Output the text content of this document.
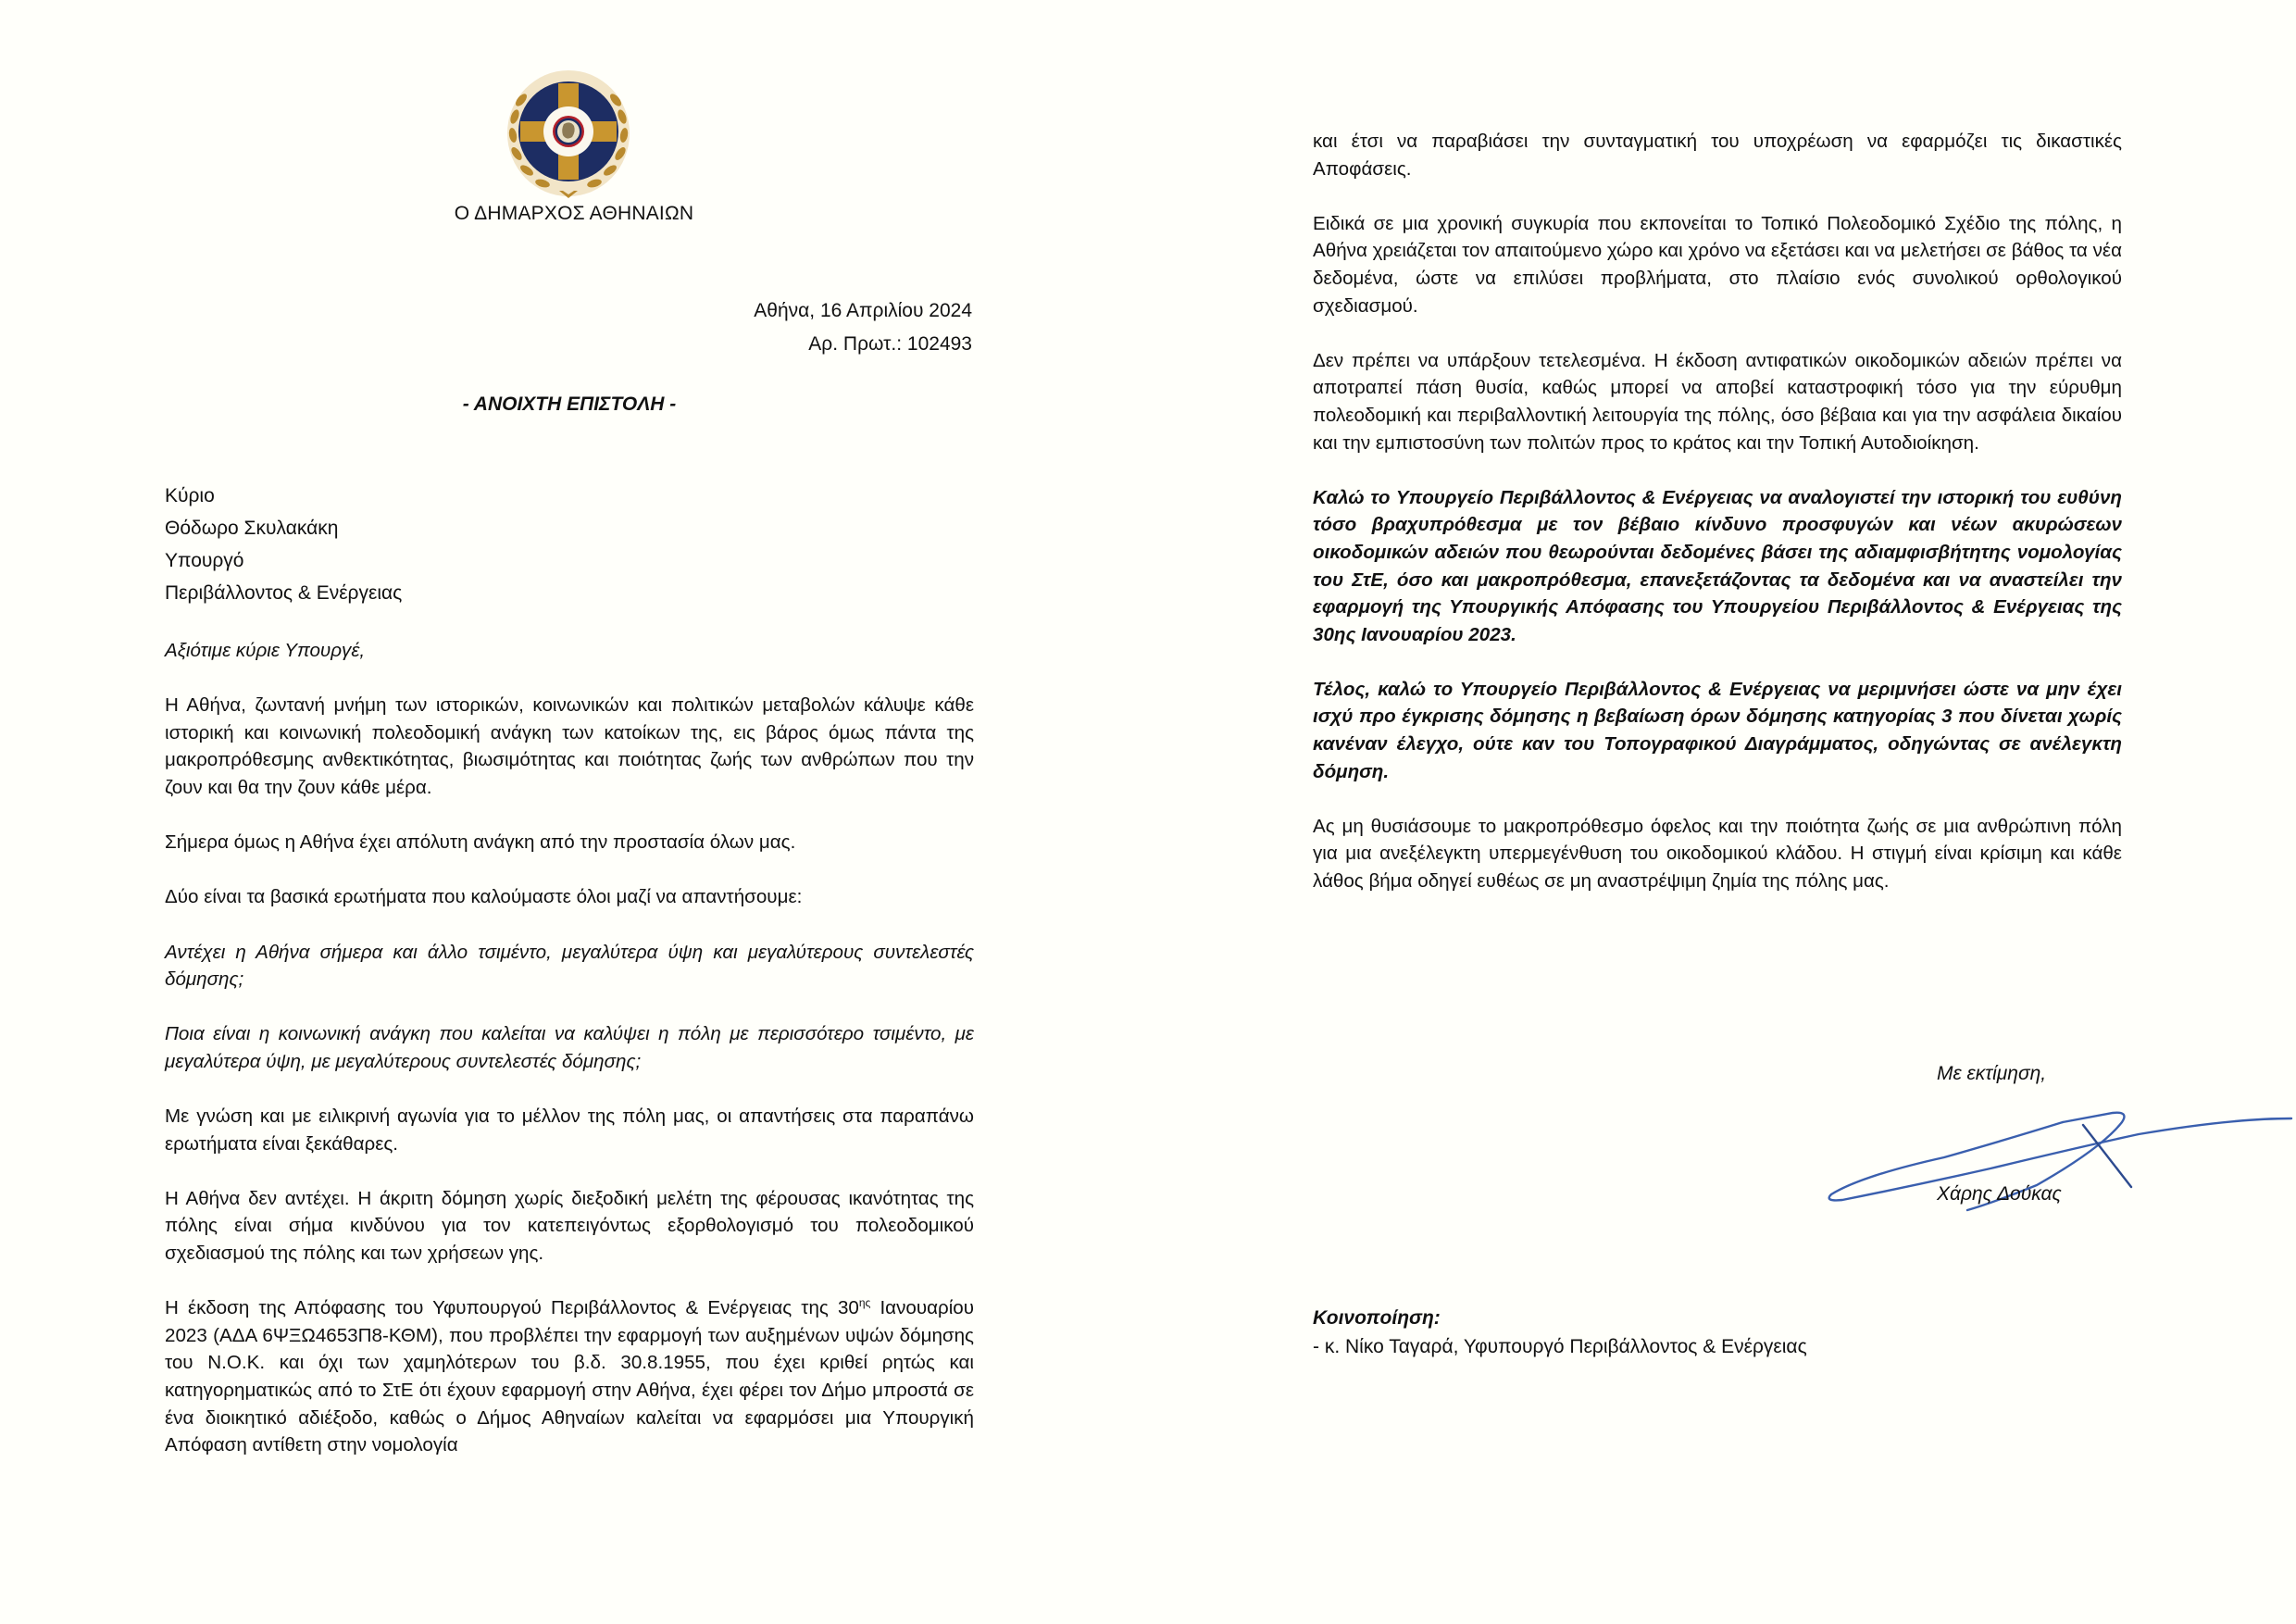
Ο ΔΗΜΑΡΧΟΣ ΑΘΗΝΑΙΩΝ
Αθήνα, 16 Απριλίου 2024
Αρ. Πρωτ.: 102493
- ΑΝΟΙΧΤΗ ΕΠΙΣΤΟΛΗ -
Κύριο
Θόδωρο Σκυλακάκη
Υπουργό
Περιβάλλοντος & Ενέργειας

Αξιότιμε κύριε Υπουργέ,

Η Αθήνα, ζωντανή μνήμη των ιστορικών, κοινωνικών και πολιτικών μεταβολών κάλυψε κάθε ιστορική και κοινωνική πολεοδομική ανάγκη των κατοίκων της, εις βάρος όμως πάντα της μακροπρόθεσμης ανθεκτικότητας, βιωσιμότητας και ποιότητας ζωής των ανθρώπων που την ζουν και θα την ζουν κάθε μέρα.

Σήμερα όμως η Αθήνα έχει απόλυτη ανάγκη από την προστασία όλων μας.

Δύο είναι τα βασικά ερωτήματα που καλούμαστε όλοι μαζί να απαντήσουμε:

Αντέχει η Αθήνα σήμερα και άλλο τσιμέντο, μεγαλύτερα ύψη και μεγαλύτερους συντελεστές δόμησης;

Ποια είναι η κοινωνική ανάγκη που καλείται να καλύψει η πόλη με περισσότερο τσιμέντο, με μεγαλύτερα ύψη, με μεγαλύτερους συντελεστές δόμησης;

Με γνώση και με ειλικρινή αγωνία για το μέλλον της πόλη μας, οι απαντήσεις στα παραπάνω ερωτήματα είναι ξεκάθαρες.

Η Αθήνα δεν αντέχει. Η άκριτη δόμηση χωρίς διεξοδική μελέτη της φέρουσας ικανότητας της πόλης είναι σήμα κινδύνου για τον κατεπειγόντως εξορθολογισμό του πολεοδομικού σχεδιασμού της πόλης και των χρήσεων γης.

Η έκδοση της Απόφασης του Υφυπουργού Περιβάλλοντος & Ενέργειας της $30^{\eta\varsigma}$ Ιανουαρίου 2023 (ΑΔΑ 6ΨΞΩ4653Π8-ΚΘΜ), που προβλέπει την εφαρμογή των αυξημένων υψών δόμησης του Ν.Ο.Κ. και όχι των χαμηλότερων του β.δ. 30.8.1955, που έχει κριθεί ρητώς και κατηγορηματικώς από το ΣτΕ ότι έχουν εφαρμογή στην Αθήνα, έχει φέρει τον Δήμο μπροστά σε ένα διοικητικό αδιέξοδο, καθώς ο Δήμος Αθηναίων καλείται να εφαρμόσει μια Υπουργική Απόφαση αντίθετη στην νομολογία

και έτσι να παραβιάσει την συνταγματική του υποχρέωση να εφαρμόζει τις δικαστικές Αποφάσεις.

Ειδικά σε μια χρονική συγκυρία που εκπονείται το Τοπικό Πολεοδομικό Σχέδιο της πόλης, η Αθήνα χρειάζεται τον απαιτούμενο χώρο και χρόνο να εξετάσει και να μελετήσει σε βάθος τα νέα δεδομένα, ώστε να επιλύσει προβλήματα, στο πλαίσιο ενός συνολικού ορθολογικού σχεδιασμού.

Δεν πρέπει να υπάρξουν τετελεσμένα. Η έκδοση αντιφατικών οικοδομικών αδειών πρέπει να αποτραπεί πάση θυσία, καθώς μπορεί να αποβεί καταστροφική τόσο για την εύρυθμη πολεοδομική και περιβαλλοντική λειτουργία της πόλης, όσο βέβαια και για την ασφάλεια δικαίου και την εμπιστοσύνη των πολιτών προς το κράτος και την Τοπική Αυτοδιοίκηση.

Καλώ το Υπουργείο Περιβάλλοντος & Ενέργειας να αναλογιστεί την ιστορική του ευθύνη τόσο βραχυπρόθεσμα με τον βέβαιο κίνδυνο προσφυγών και νέων ακυρώσεων οικοδομικών αδειών που θεωρούνται δεδομένες βάσει της αδιαμφισβήτητης νομολογίας του ΣτΕ, όσο και μακροπρόθεσμα, επανεξετάζοντας τα δεδομένα και να αναστείλει την εφαρμογή της Υπουργικής Απόφασης του Υπουργείου Περιβάλλοντος & Ενέργειας της 30ης Ιανουαρίου 2023.

Τέλος, καλώ το Υπουργείο Περιβάλλοντος & Ενέργειας να μεριμνήσει ώστε να μην έχει ισχύ προ έγκρισης δόμησης η βεβαίωση όρων δόμησης κατηγορίας 3 που δίνεται χωρίς κανέναν έλεγχο, ούτε καν του Τοπογραφικού Διαγράμματος, οδηγώντας σε ανέλεγκτη δόμηση.

Ας μη θυσιάσουμε το μακροπρόθεσμο όφελος και την ποιότητα ζωής σε μια ανθρώπινη πόλη για μια ανεξέλεγκτη υπερμεγένθυση του οικοδομικού κλάδου. Η στιγμή είναι κρίσιμη και κάθε λάθος βήμα οδηγεί ευθέως σε μη αναστρέψιμη ζημία της πόλης μας.

Με εκτίμηση,
Χάρης Δούκας
Κοινοποίηση:
- κ. Νίκο Ταγαρά, Υφυπουργό Περιβάλλοντος & Ενέργειας
